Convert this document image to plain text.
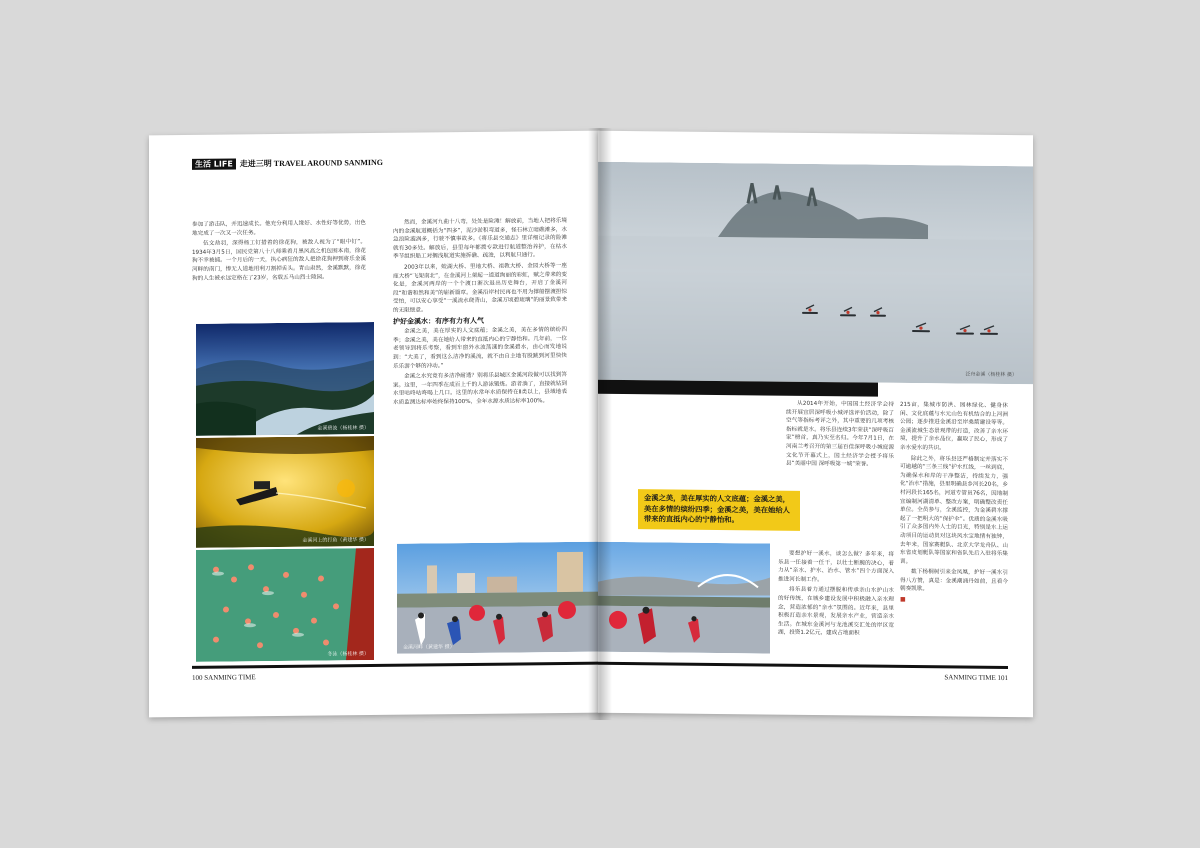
生活 LIFE 走进三明 TRAVEL AROUND SANMING

参加了游击队，并迅速成长。他充分利用人缘好、水性好等优势，出色地完成了一次又一次任务。

伍文劫羽，深得杨工钉措着的徐花狗，被敌人视为了“眼中钉”。1934年3月5日，国民党第八十八师乘着月黑风高之机包围本南，徐花狗不幸被捕。一个月后的一天，执心病狂的敌人把徐花狗押到将乐金溪河畔的南门，惨无人道地用利刀割掉舌头。青山肃然，金溪默默，徐花狗的人生被永远定格在了23岁，名载五马山烈士陵园。

然而，金溪河九曲十八弯，处处是险滩！解放前，当地人把将乐境内的金溪航道概括为“四多”，泥沙淤积弯道多，怪石林立暗礁滩多，水急浪险漩涡多，行驶不慎事故多。《将乐县交通志》里详细记录的险滩就有30多处。解放后，县里每年都拨专款进行航道整治养护，在枯水季节组织船工对搁浅航道实施拆礁、疏浚，以利航只通行。

2003年以来，蛟湖大桥、里地大桥、祖教大桥、金园大桥等一座座大桥“飞架南北”，在金溪河上架起一道道绚丽的彩虹，赋之带来的变化是，金溪河两岸的一个个渡口渐次退出历史舞台，开启了金溪河段“和谐和然和美”的崭新篇章。金溪沿岸村民再也不用为撑船摆渡担惊受怕，可以安心享受“一溪流水绕青山，金溪万顷碧琉璃”的丽景致带来的无限惬意。

护好金溪水：有序有力有人气

金溪之美，美在厚实的人文底蕴；金溪之美，美在多情的缤纷四季；金溪之美，美在她给人带来的直抵内心的宁静怡和。几年前，一位老领导到将乐考察，看到车窗外水波荡漾的金溪碧水，由心而发地说到：“大美了，看到这么洁净的溪流，就不由自主地有股跳到河里快快乐乐游个够的冲动。”

金溪之水究竟有多洁净耐透？别将乐县城区金溪河段做可以找到答案。这里，一年四季在成百上千的人游泳锻炼。游者淌了，直接就钻到水里咕咚咕咚喝上几口。这里的水常年水质保持在Ⅱ类以上，县域地表水质监测达标率始终保持100%，全年水源水质达标率100%。

金溪碧波（杨桂林 摄）
金溪河上的打鱼（黄建华 摄）
冬泳（杨桂林 摄）
金溪河畔（黄建华 摄）
100 SANMING TIME
泛舟金溪（杨桂林 摄）

从2014年开始，中国国土经济学会持续开展宜居深呼吸小城评选评价活动，除了空气等指标考评之外，其中重要的几项考核指标就是水。将乐县连续3年荣获“深呼吸百家”榜首，真乃实至名归。今年7月1日，在河南兰考召开的第三届百佳深呼吸小城庭源文化节开幕式上，国土经济学会授予将乐县“美丽中国 深呼吸第一城”荣誉。

金溪之美，美在厚实的人文底蕴；金溪之美，美在多情的缤纷四季；金溪之美，美在她给人带来的直抵内心的宁静怡和。

要想护好一溪水，谈怎么做？多年来，将乐县一任接着一任干，以壮士断腕的决心，着力从“亲水、护水、治水、管水”四个方面深入推进河长制工作。

将乐县着力通过摆脱和传承亲山水护山水的好传统，在城乡建设发展中积极融入亲水理念，营造浓郁的“亲水”氛围的。近年来，县里积极打造亲水景观，发展亲水产业，营造亲水生活。在城东金溪河与龙池溪交汇处的岸区宽湖，投资1.2亿元，建成占地面积

215亩，集城市防洪、园林绿化、健身休闲、文化底蕴与水元山色有机结合的上河洲公园；逐步推进金溪沿至岸桑箭建设等等。金溪流城生态景观带的打造，改善了亲水环境，提升了亲水品位，赢取了民心，形成了亲水爱水的共识。

除此之外，将乐县还严格制定并落实不可逾越的“三条三线”护水红线，一丝到底，为确保水和岸的干净整洁，持续发力，强化“治水”措施，县里明确县乡河长20名，乡村河段长165名，河道专管员76名，因地制宜编制河湖清单、整改方案，明确整改责任单位。全员参与，全溪监控，为金溪碧水撑起了一把明大的“保护伞”。优质的金溪水吸引了众多国内外人士的目光，特别是水上运动项目的运动员对这块风水宝地情有独钟，去年来，国家赛艇队、北京大学龙舟队、山东省皮划艇队等国家和省队先后入驻将乐集训。

截下杨桐树引来金凤凰，护好一溪水引得八方赞，真是：金溪潮涌丹如前，且看今朝奏凯歌。

■
SANMING TIME 101
